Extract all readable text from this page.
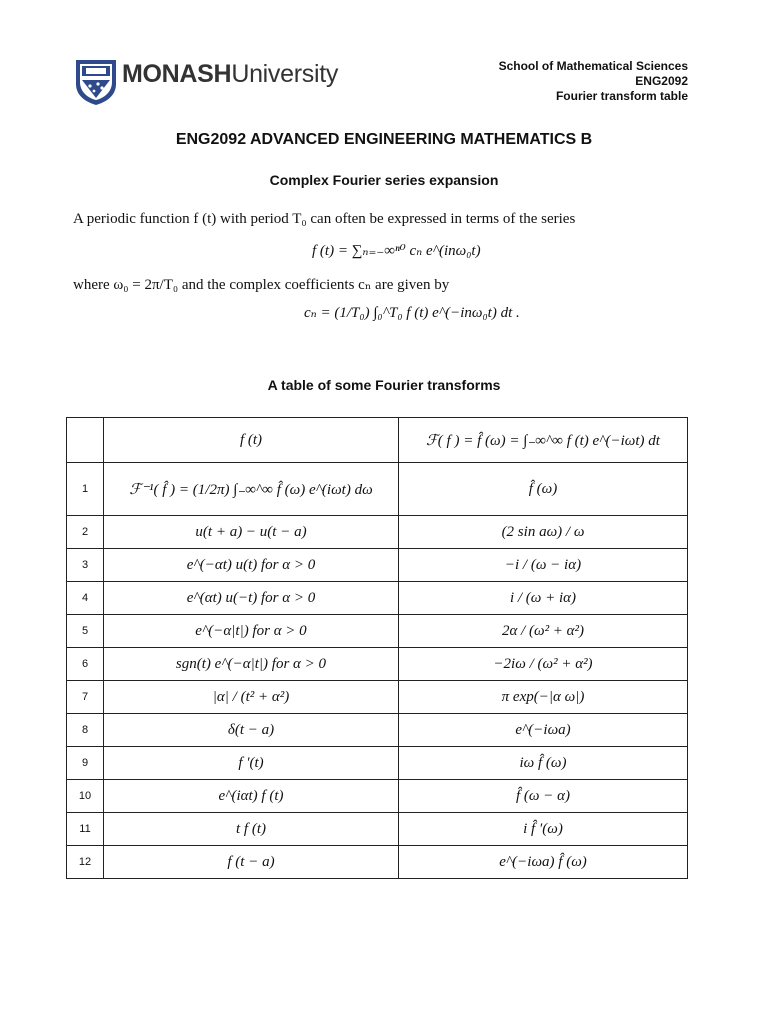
MONASHUniversity	School of Mathematical Sciences
ENG2092
Fourier transform table
ENG2092 ADVANCED ENGINEERING MATHEMATICS B
Complex Fourier series expansion
A periodic function f (t) with period T₀ can often be expressed in terms of the series
f (t) = ∑ₙ₌₋∞ⁿ⁰ cₙ e^(inω₀t)
where ω₀ = 2π/T₀ and the complex coefficients cₙ are given by
cₙ = (1/T₀) ∫₀^T₀ f (t) e^(−inω₀t) dt .
A table of some Fourier transforms
	f (t)	ℱ( f ) = f̂ (ω) = ∫₋∞^∞ f (t) e^(−iωt) dt
1	ℱ⁻¹( f̂ ) = (1/2π) ∫₋∞^∞ f̂ (ω) e^(iωt) dω	f̂ (ω)
2	u(t + a) − u(t − a)	(2 sin aω) / ω
3	e^(−αt) u(t) for α > 0	−i / (ω − iα)
4	e^(αt) u(−t) for α > 0	i / (ω + iα)
5	e^(−α|t|) for α > 0	2α / (ω² + α²)
6	sgn(t) e^(−α|t|) for α > 0	−2iω / (ω² + α²)
7	|α| / (t² + α²)	π exp(−|α ω|)
8	δ(t − a)	e^(−iωa)
9	f ′(t)	iω f̂ (ω)
10	e^(iαt) f (t)	f̂ (ω − α)
11	t f (t)	i f̂ ′(ω)
12	f (t − a)	e^(−iωa) f̂ (ω)
